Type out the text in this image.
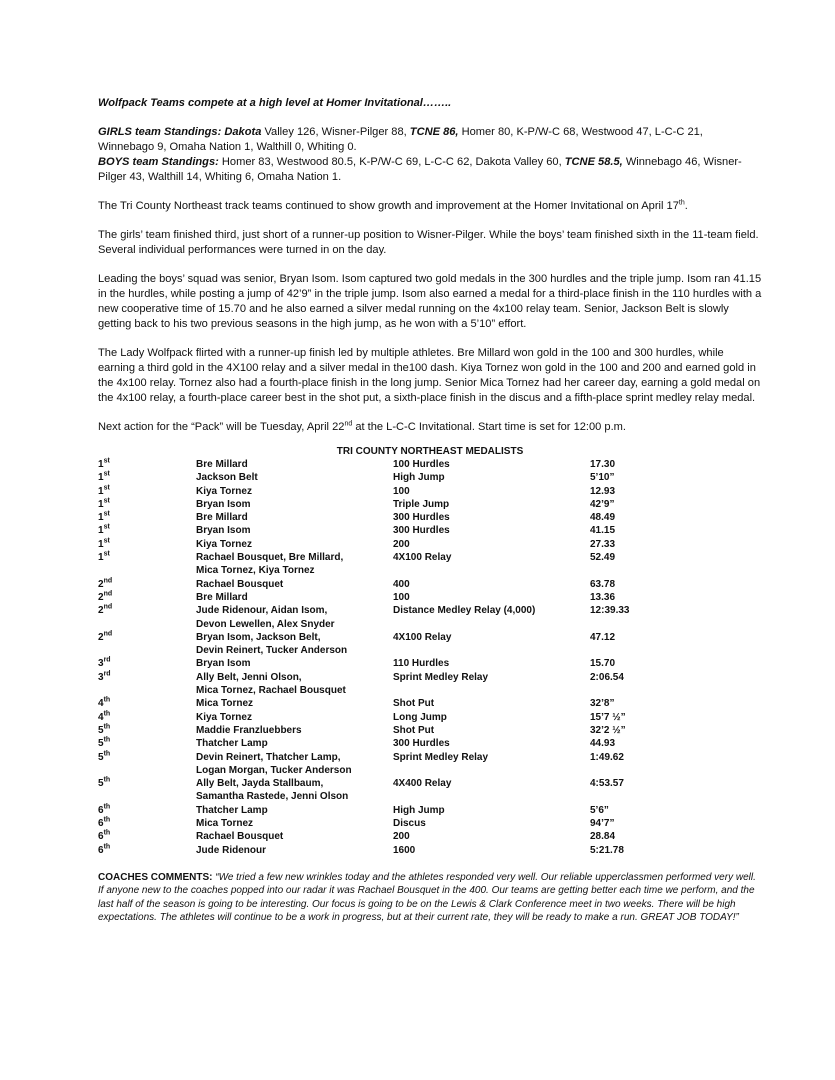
Wolfpack Teams compete at a high level at Homer Invitational……..

GIRLS team Standings: Dakota Valley 126, Wisner-Pilger 88, TCNE 86, Homer 80, K-P/W-C 68, Westwood 47, L-C-C 21, Winnebago 9, Omaha Nation 1, Walthill 0, Whiting 0.

BOYS team Standings: Homer 83, Westwood 80.5, K-P/W-C 69, L-C-C 62, Dakota Valley 60, TCNE 58.5, Winnebago 46, Wisner-Pilger 43, Walthill 14, Whiting 6, Omaha Nation 1.

The Tri County Northeast track teams continued to show growth and improvement at the Homer Invitational on April 17th.

The girls’ team finished third, just short of a runner-up position to Wisner-Pilger. While the boys’ team finished sixth in the 11-team field. Several individual performances were turned in on the day.

Leading the boys’ squad was senior, Bryan Isom. Isom captured two gold medals in the 300 hurdles and the triple jump. Isom ran 41.15 in the hurdles, while posting a jump of 42’9” in the triple jump. Isom also earned a medal for a third-place finish in the 110 hurdles with a new cooperative time of 15.70 and he also earned a silver medal running on the 4x100 relay team. Senior, Jackson Belt is slowly getting back to his two previous seasons in the high jump, as he won with a 5’10” effort.

The Lady Wolfpack flirted with a runner-up finish led by multiple athletes. Bre Millard won gold in the 100 and 300 hurdles, while earning a third gold in the 4X100 relay and a silver medal in the100 dash. Kiya Tornez won gold in the 100 and 200 and earned gold in the 4x100 relay. Tornez also had a fourth-place finish in the long jump. Senior Mica Tornez had her career day, earning a gold medal on the 4x100 relay, a fourth-place career best in the shot put, a sixth-place finish in the discus and a fifth-place sprint medley relay medal.

Next action for the “Pack” will be Tuesday, April 22nd at the L-C-C Invitational. Start time is set for 12:00 p.m.

TRI COUNTY NORTHEAST MEDALISTS
1st	Bre Millard	100 Hurdles	17.30
1st	Jackson Belt	High Jump	5’10”
1st	Kiya Tornez	100	12.93
1st	Bryan Isom	Triple Jump	42’9”
1st	Bre Millard	300 Hurdles	48.49
1st	Bryan Isom	300 Hurdles	41.15
1st	Kiya Tornez	200	27.33
1st	Rachael Bousquet, Bre Millard,
Mica Tornez, Kiya Tornez	4X100 Relay	52.49
2nd	Rachael Bousquet	400	63.78
2nd	Bre Millard	100	13.36
2nd	Jude Ridenour, Aidan Isom,
Devon Lewellen, Alex Snyder	Distance Medley Relay (4,000)	12:39.33
2nd	Bryan Isom, Jackson Belt,
Devin Reinert, Tucker Anderson	4X100 Relay	47.12
3rd	Bryan Isom	110 Hurdles	15.70
3rd	Ally Belt, Jenni Olson,
Mica Tornez, Rachael Bousquet	Sprint Medley Relay	2:06.54
4th	Mica Tornez	Shot Put	32’8”
4th	Kiya Tornez	Long Jump	15’7 ½”
5th	Maddie Franzluebbers	Shot Put	32’2 ½”
5th	Thatcher Lamp	300 Hurdles	44.93
5th	Devin Reinert, Thatcher Lamp,
Logan Morgan, Tucker Anderson	Sprint Medley Relay	1:49.62
5th	Ally Belt, Jayda Stallbaum,
Samantha Rastede, Jenni Olson	4X400 Relay	4:53.57
6th	Thatcher Lamp	High Jump	5’6”
6th	Mica Tornez	Discus	94’7”
6th	Rachael Bousquet	200	28.84
6th	Jude Ridenour	1600	5:21.78

COACHES COMMENTS: “We tried a few new wrinkles today and the athletes responded very well. Our reliable upperclassmen performed very well. If anyone new to the coaches popped into our radar it was Rachael Bousquet in the 400. Our teams are getting better each time we perform, and the last half of the season is going to be interesting. Our focus is going to be on the Lewis & Clark Conference meet in two weeks. There will be high expectations. The athletes will continue to be a work in progress, but at their current rate, they will be ready to make a run. GREAT JOB TODAY!”
